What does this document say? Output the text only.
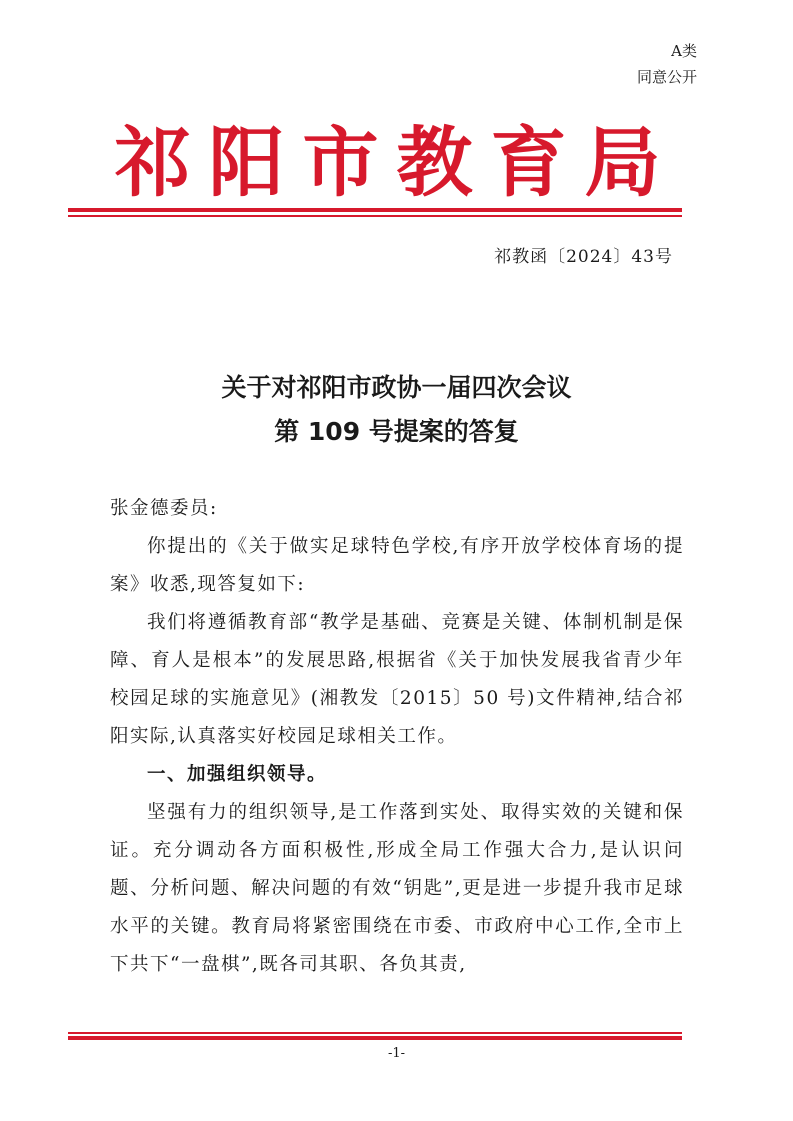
A类
同意公开
祁阳市教育局
祁教函〔2024〕43号
关于对祁阳市政协一届四次会议
第 109 号提案的答复

张金德委员:

你提出的《关于做实足球特色学校,有序开放学校体育场的提案》收悉,现答复如下:

我们将遵循教育部“教学是基础、竞赛是关键、体制机制是保障、育人是根本”的发展思路,根据省《关于加快发展我省青少年校园足球的实施意见》(湘教发〔2015〕50 号)文件精神,结合祁阳实际,认真落实好校园足球相关工作。

一、加强组织领导。

坚强有力的组织领导,是工作落到实处、取得实效的关键和保证。充分调动各方面积极性,形成全局工作强大合力,是认识问题、分析问题、解决问题的有效“钥匙”,更是进一步提升我市足球水平的关键。教育局将紧密围绕在市委、市政府中心工作,全市上下共下“一盘棋”,既各司其职、各负其责,

-1-
